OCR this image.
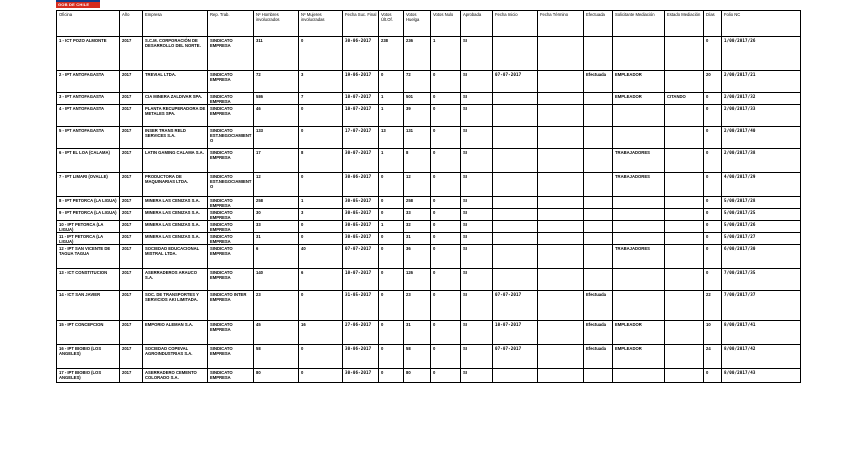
GOB DE CHILE
Oficina	Año	Empresa	Rep. Trab.	Nº Hombres involucrados	Nº Mujeres involucradas	Fecha Suc. Final	Votos Últ.Of.	Votos Huelga	Votos Nulo	Aprobada	Fecha Inicio	Fecha Término	Efectuada	Solicitante Mediación	Estado Mediación	Días	Folio NC
1 - ICT POZO ALMONTE	2017	S.C.M. CORPORACIÓN DE DESARROLLO DEL NORTE.	SINDICATO EMPRESA	311	0	30-06-2017	238	236	1	SI						0	1/00/2017/26
2 - IPT ANTOFAGASTA	2017	TREVIAL LTDA.	SINDICATO EMPRESA	72	3	19-06-2017	0	72	0	SI	07-07-2017		Efectuada	EMPLEADOR		20	2/00/2017/21
3 - IPT ANTOFAGASTA	2017	CIA MINERA ZALDIVAR SPA.	SINDICATO EMPRESA	586	7	10-07-2017	1	501	0	SI				EMPLEADOR	CITANDO	0	2/00/2017/32
4 - IPT ANTOFAGASTA	2017	PLANTA RECUPERADORA DE METALES SPA.	SINDICATO EMPRESA	46	0	10-07-2017	1	39	0	SI						0	2/00/2017/33
5 - IPT ANTOFAGASTA	2017	INSER TRANS RELD SERVICES S.A.	SINDICATO EST.NEGOCIAMIENTO	133	0	17-07-2017	13	131	0	SI						0	2/00/2017/40
6 - IPT EL LOA (CALAMA)	2017	LATIN GAMING CALAMA S.A.	SINDICATO EMPRESA	17	8	30-07-2017	1	8	0	SI				TRABAJADORES		0	2/00/2017/38
7 - IPT LIMARI (OVALLE)	2017	PRODUCTORA DE MAQUINARIAS LTDA.	SINDICATO EST.NEGOCIAMIENTO	12	0	30-06-2017	0	12	0	SI				TRABAJADORES		0	4/00/2017/29
8 - IPT PETORCA (LA LIGUA)	2017	MINERA LAS CENIZAS S.A.	SINDICATO EMPRESA	258	1	30-05-2017	0	258	0	SI						0	5/00/2017/28
9 - IPT PETORCA (LA LIGUA)	2017	MINERA LAS CENIZAS S.A.	SINDICATO EMPRESA	30	3	30-05-2017	0	33	0	SI						0	5/00/2017/25
10 - IPT PETORCA (LA LIGUA)	2017	MINERA LAS CENIZAS S.A.	SINDICATO EMPRESA	33	0	30-05-2017	1	32	0	SI						0	5/00/2017/26
11 - IPT PETORCA (LA LIGUA)	2017	MINERA LAS CENIZAS S.A.	SINDICATO EMPRESA	31	0	30-05-2017	0	31	0	SI						0	5/00/2017/27
12 - IPT SAN VICENTE DE TAGUA TAGUA	2017	SOCIEDAD EDUCACIONAL MISTRAL LTDA.	SINDICATO EMPRESA	6	40	07-07-2017	0	36	0	SI				TRABAJADORES		0	6/00/2017/30
13 - ICT CONSTITUCION	2017	ASERRADEROS ARAUCO S.A.	SINDICATO EMPRESA	140	6	10-07-2017	0	126	0	SI						0	7/00/2017/35
14 - ICT SAN JAVIER	2017	SOC. DE TRANSPORTES Y SERVICIOS AKI LIMITADA.	SINDICATO INTER EMPRESA	23	0	31-05-2017	0	23	0	SI	07-07-2017		Efectuada			22	7/00/2017/37
15 - IPT CONCEPCION	2017	EMPORIO ALEMAN S.A.	SINDICATO EMPRESA	45	16	27-06-2017	0	31	0	SI	10-07-2017		Efectuada	EMPLEADOR		10	8/00/2017/41
16 - IPT BIOBIO (LOS ANGELES)	2017	SOCIEDAD COPEVAL AGROINDUSTRIAS S.A.	SINDICATO EMPRESA	58	0	30-06-2017	0	58	0	SI	07-07-2017		Efectuada	EMPLEADOR		24	8/00/2017/42
17 - IPT BIOBIO (LOS ANGELES)	2017	ASERRADERO CEMENTO COLORADO S.A.	SINDICATO EMPRESA	80	0	30-06-2017	0	80	0	SI						0	8/00/2017/43
